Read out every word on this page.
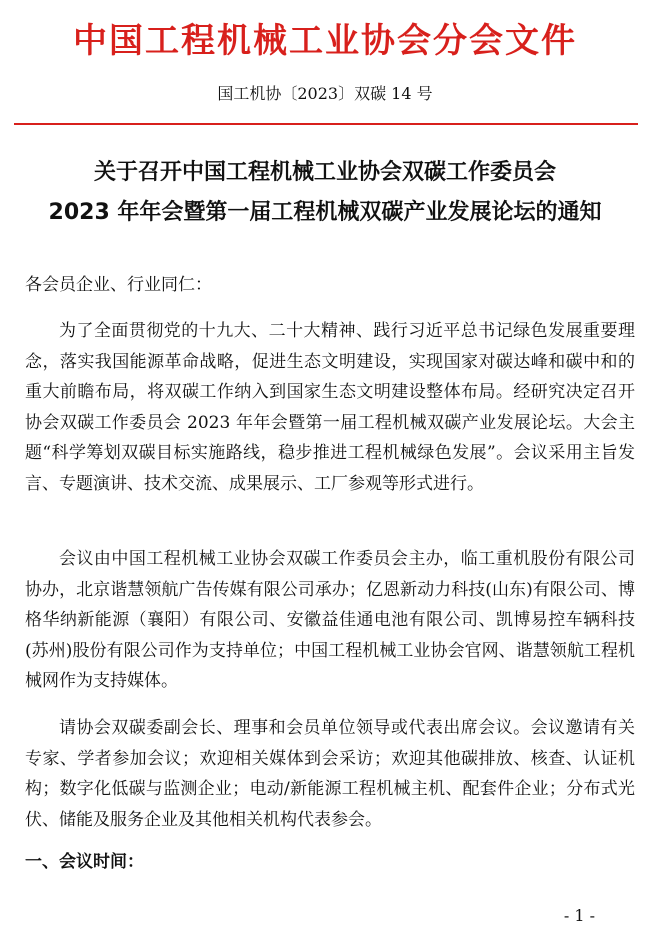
中国工程机械工业协会分会文件
国工机协〔2023〕双碳 14 号
关于召开中国工程机械工业协会双碳工作委员会
2023 年年会暨第一届工程机械双碳产业发展论坛的通知
各会员企业、行业同仁：

为了全面贯彻党的十九大、二十大精神、践行习近平总书记绿色发展重要理念，落实我国能源革命战略，促进生态文明建设，实现国家对碳达峰和碳中和的重大前瞻布局，将双碳工作纳入到国家生态文明建设整体布局。经研究决定召开协会双碳工作委员会 2023 年年会暨第一届工程机械双碳产业发展论坛。大会主题“科学筹划双碳目标实施路线，稳步推进工程机械绿色发展”。会议采用主旨发言、专题演讲、技术交流、成果展示、工厂参观等形式进行。

会议由中国工程机械工业协会双碳工作委员会主办，临工重机股份有限公司协办，北京谐慧领航广告传媒有限公司承办；亿恩新动力科技(山东)有限公司、博格华纳新能源（襄阳）有限公司、安徽益佳通电池有限公司、凯博易控车辆科技(苏州)股份有限公司作为支持单位；中国工程机械工业协会官网、谐慧领航工程机械网作为支持媒体。

请协会双碳委副会长、理事和会员单位领导或代表出席会议。会议邀请有关专家、学者参加会议；欢迎相关媒体到会采访；欢迎其他碳排放、核查、认证机构；数字化低碳与监测企业；电动/新能源工程机械主机、配套件企业；分布式光伏、储能及服务企业及其他相关机构代表参会。

一、会议时间：
- 1 -
